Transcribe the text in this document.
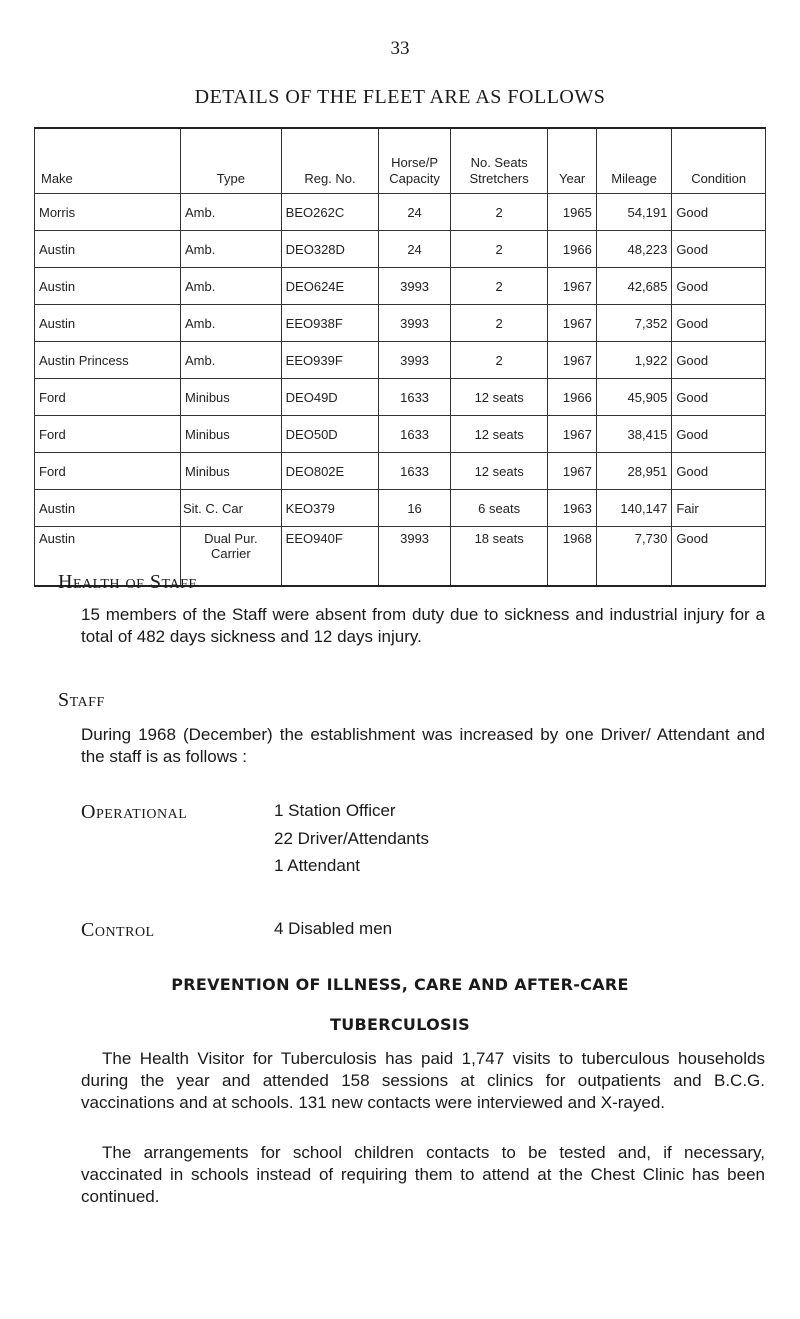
33
DETAILS OF THE FLEET ARE AS FOLLOWS
Make	Type	Reg. No.	Horse/P Capacity	No. Seats Stretchers	Year	Mileage	Condition
Morris	Amb.	BEO262C	24	2	1965	54,191	Good
Austin	Amb.	DEO328D	24	2	1966	48,223	Good
Austin	Amb.	DEO624E	3993	2	1967	42,685	Good
Austin	Amb.	EEO938F	3993	2	1967	7,352	Good
Austin Princess	Amb.	EEO939F	3993	2	1967	1,922	Good
Ford	Minibus	DEO49D	1633	12 seats	1966	45,905	Good
Ford	Minibus	DEO50D	1633	12 seats	1967	38,415	Good
Ford	Minibus	DEO802E	1633	12 seats	1967	28,951	Good
Austin	Sit. C. Car	KEO379	16	6 seats	1963	140,147	Fair
Austin	Dual Pur. Carrier	EEO940F	3993	18 seats	1968	7,730	Good
Health of Staff
15 members of the Staff were absent from duty due to sickness and industrial injury for a total of 482 days sickness and 12 days injury.
Staff
During 1968 (December) the establishment was increased by one Driver/ Attendant and the staff is as follows :
Operational	1 Station Officer
22 Driver/Attendants
1 Attendant
Control	4 Disabled men
PREVENTION OF ILLNESS, CARE AND AFTER-CARE
TUBERCULOSIS
The Health Visitor for Tuberculosis has paid 1,747 visits to tuberculous households during the year and attended 158 sessions at clinics for outpatients and B.C.G. vaccinations and at schools. 131 new contacts were interviewed and X-rayed.
The arrangements for school children contacts to be tested and, if necessary, vaccinated in schools instead of requiring them to attend at the Chest Clinic has been continued.
